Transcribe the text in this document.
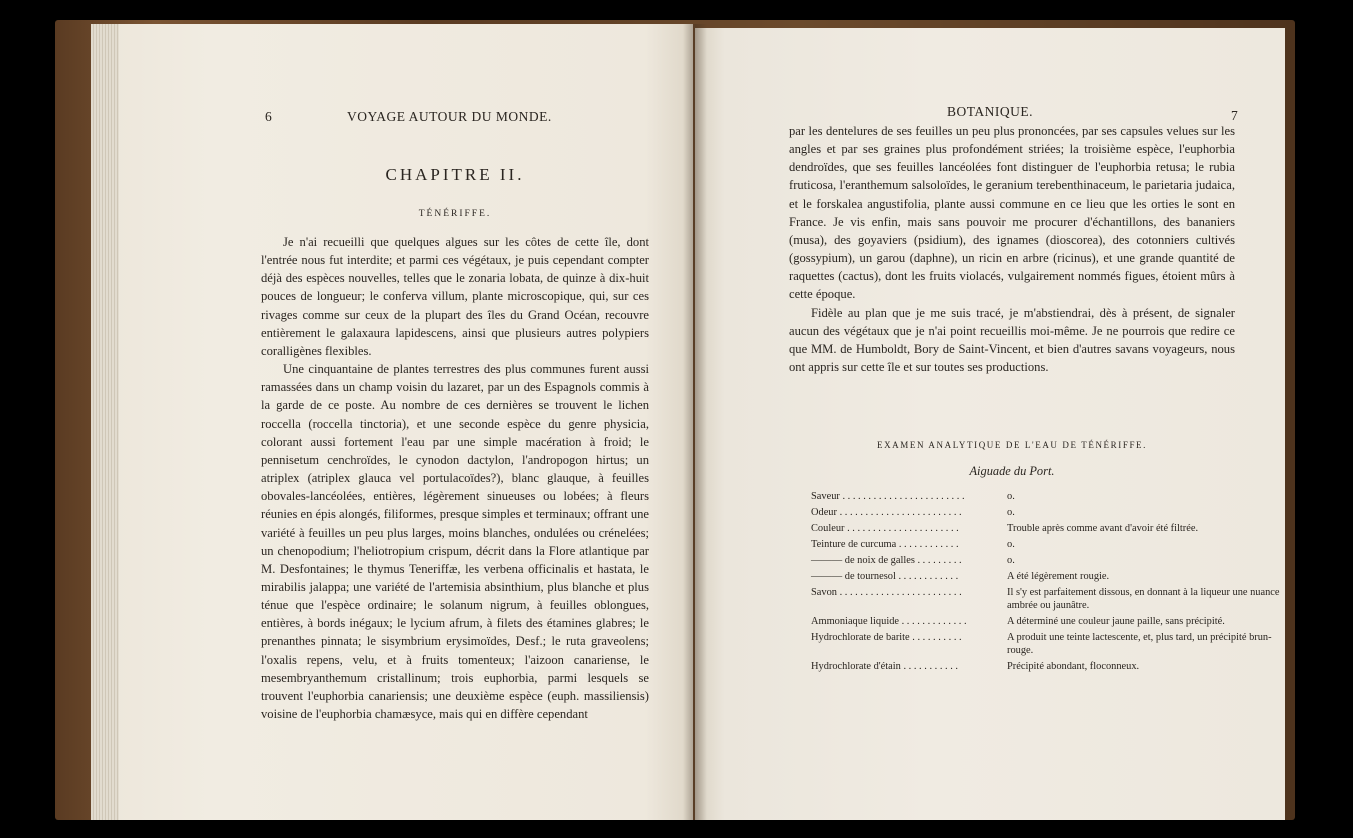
6	VOYAGE AUTOUR DU MONDE.
CHAPITRE II.
TÉNÉRIFFE.

Je n'ai recueilli que quelques algues sur les côtes de cette île, dont l'entrée nous fut interdite; et parmi ces végétaux, je puis cependant compter déjà des espèces nouvelles, telles que le zonaria lobata, de quinze à dix-huit pouces de longueur; le conferva villum, plante microscopique, qui, sur ces rivages comme sur ceux de la plupart des îles du Grand Océan, recouvre entièrement le galaxaura lapidescens, ainsi que plusieurs autres polypiers coralligènes flexibles.

Une cinquantaine de plantes terrestres des plus communes furent aussi ramassées dans un champ voisin du lazaret, par un des Espagnols commis à la garde de ce poste. Au nombre de ces dernières se trouvent le lichen roccella (roccella tinctoria), et une seconde espèce du genre physicia, colorant aussi fortement l'eau par une simple macération à froid; le pennisetum cenchroïdes, le cynodon dactylon, l'andropogon hirtus; un atriplex (atriplex glauca vel portulacoïdes?), blanc glauque, à feuilles obovales-lancéolées, entières, légèrement sinueuses ou lobées; à fleurs réunies en épis alongés, filiformes, presque simples et terminaux; offrant une variété à feuilles un peu plus larges, moins blanches, ondulées ou crénelées; un chenopodium; l'heliotropium crispum, décrit dans la Flore atlantique par M. Desfontaines; le thymus Teneriffæ, les verbena officinalis et hastata, le mirabilis jalappa; une variété de l'artemisia absinthium, plus blanche et plus ténue que l'espèce ordinaire; le solanum nigrum, à feuilles oblongues, entières, à bords inégaux; le lycium afrum, à filets des étamines glabres; le prenanthes pinnata; le sisymbrium erysimoïdes, Desf.; le ruta graveolens; l'oxalis repens, velu, et à fruits tomenteux; l'aizoon canariense, le mesembryanthemum cristallinum; trois euphorbia, parmi lesquels se trouvent l'euphorbia canariensis; une deuxième espèce (euph. massiliensis) voisine de l'euphorbia chamæsyce, mais qui en diffère cependant

BOTANIQUE.	7

par les dentelures de ses feuilles un peu plus prononcées, par ses capsules velues sur les angles et par ses graines plus profondément striées; la troisième espèce, l'euphorbia dendroïdes, que ses feuilles lancéolées font distinguer de l'euphorbia retusa; le rubia fruticosa, l'eranthemum salsoloïdes, le geranium terebenthinaceum, le parietaria judaica, et le forskalea angustifolia, plante aussi commune en ce lieu que les orties le sont en France. Je vis enfin, mais sans pouvoir me procurer d'échantillons, des bananiers (musa), des goyaviers (psidium), des ignames (dioscorea), des cotonniers cultivés (gossypium), un garou (daphne), un ricin en arbre (ricinus), et une grande quantité de raquettes (cactus), dont les fruits violacés, vulgairement nommés figues, étoient mûrs à cette époque.

Fidèle au plan que je me suis tracé, je m'abstiendrai, dès à présent, de signaler aucun des végétaux que je n'ai point recueillis moi-même. Je ne pourrois que redire ce que MM. de Humboldt, Bory de Saint-Vincent, et bien d'autres savans voyageurs, nous ont appris sur cette île et sur toutes ses productions.

EXAMEN ANALYTIQUE DE L'EAU DE TÉNÉRIFFE.
Aiguade du Port.
Saveur . . . . . . . . . . . . . . . . . . . . . . . .	o.
Odeur . . . . . . . . . . . . . . . . . . . . . . . .	o.
Couleur . . . . . . . . . . . . . . . . . . . . . .	Trouble après comme avant d'avoir été filtrée.
Teinture de curcuma . . . . . . . . . . . .	o.
——— de noix de galles . . . . . . . . .	o.
——— de tournesol . . . . . . . . . . . .	A été légèrement rougie.
Savon . . . . . . . . . . . . . . . . . . . . . . . .	Il s'y est parfaitement dissous, en donnant à la liqueur une nuance ambrée ou jaunâtre.
Ammoniaque liquide . . . . . . . . . . . . .	A déterminé une couleur jaune paille, sans précipité.
Hydrochlorate de barite . . . . . . . . . .	A produit une teinte lactescente, et, plus tard, un précipité brun-rouge.
Hydrochlorate d'étain . . . . . . . . . . .	Précipité abondant, floconneux.
